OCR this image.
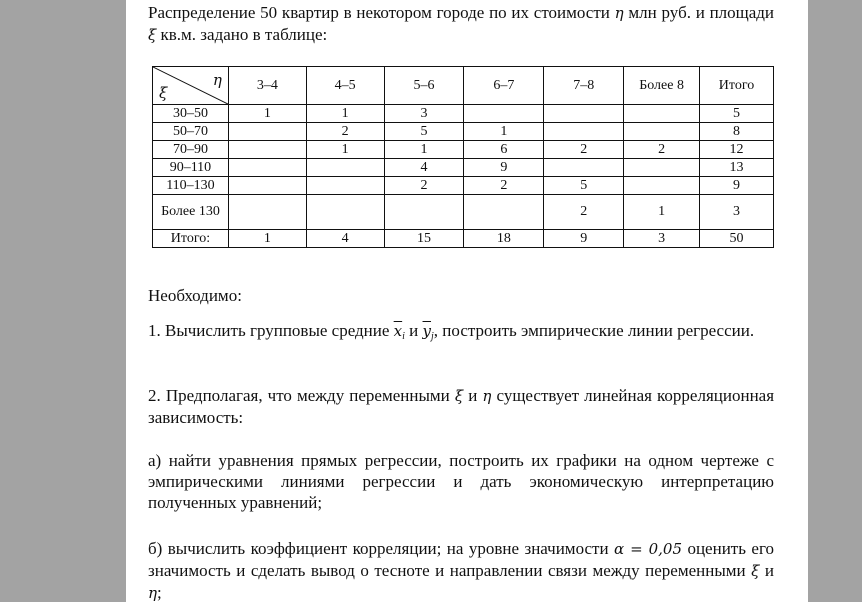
Распределение 50 квартир в некотором городе по их стоимости η млн руб. и площади ξ кв.м. задано в таблице:
η
ξ	3–4	4–5	5–6	6–7	7–8	Более 8	Итого
30–50	1	1	3				5
50–70		2	5	1			8
70–90		1	1	6	2	2	12
90–110			4	9			13
110–130			2	2	5		9
Более 130					2	1	3
Итого:	1	4	15	18	9	3	50
Необходимо:
1. Вычислить групповые средние $\overline{x}_i$ и $\overline{y}_j$, построить эмпирические линии регрессии.
2. Предполагая, что между переменными ξ и η существует линейная корреляционная зависимость:
а) найти уравнения прямых регрессии, построить их графики на одном чертеже с эмпирическими линиями регрессии и дать экономическую интерпретацию полученных уравнений;
б) вычислить коэффициент корреляции; на уровне значимости α = 0,05 оценить его значимость и сделать вывод о тесноте и направлении связи между переменными ξ и η;
